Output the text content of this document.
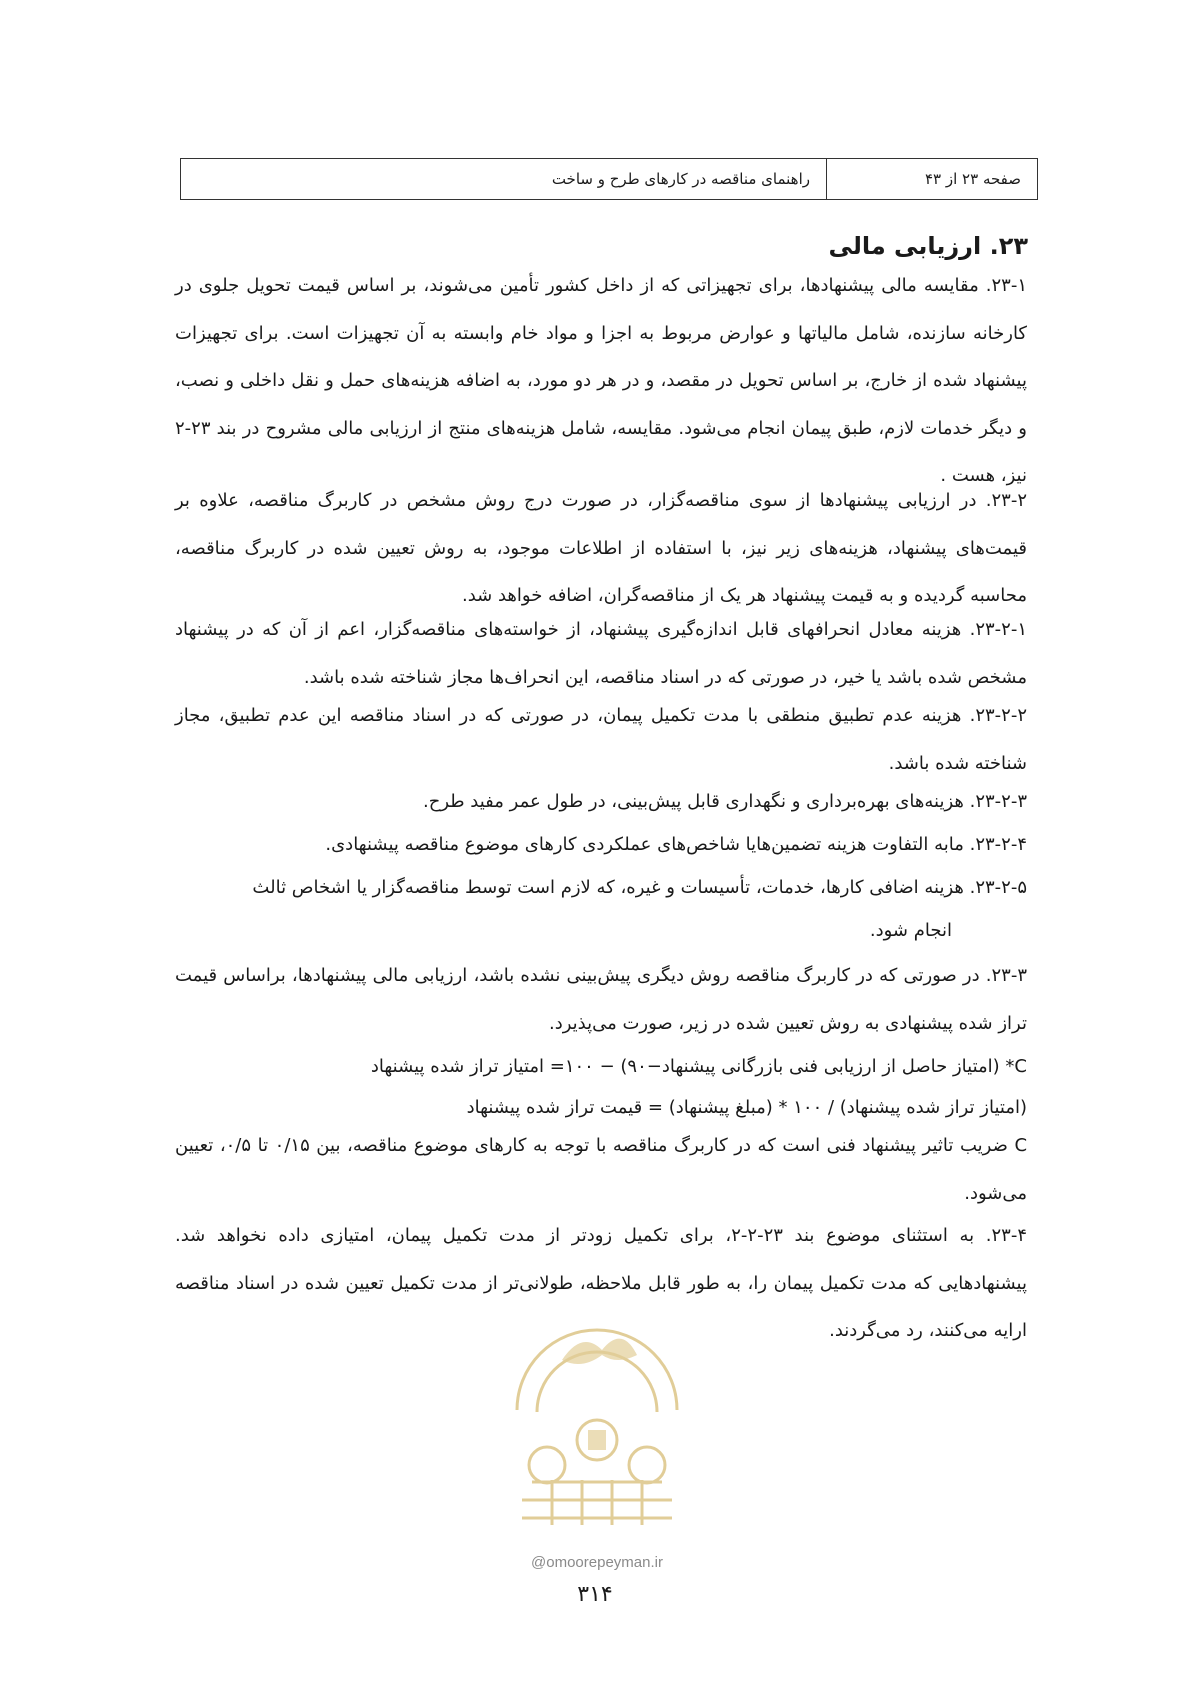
صفحه ۲۳ از ۴۳
راهنمای مناقصه در کارهای طرح و ساخت
۲۳. ارزیابی مالی

۲۳-۱. مقایسه مالی پیشنهادها، برای تجهیزاتی که از داخل کشور تأمین می‌شوند، بر اساس قیمت تحویل جلوی در کارخانه سازنده، شامل مالیاتها و عوارض مربوط به اجزا و مواد خام وابسته به آن تجهیزات است. برای تجهیزات پیشنهاد شده از خارج، بر اساس تحویل در مقصد، و در هر دو مورد، به اضافه هزینه‌های حمل و نقل داخلی و نصب، و دیگر خدمات لازم، طبق پیمان انجام می‌شود. مقایسه، شامل هزینه‌های منتج از ارزیابی مالی مشروح در بند ۲۳-۲ نیز، هست .

۲۳-۲. در ارزیابی پیشنهادها از سوی مناقصه‌گزار، در صورت درج روش مشخص در کاربرگ مناقصه، علاوه بر قیمت‌های پیشنهاد، هزینه‌های زیر نیز، با استفاده از اطلاعات موجود، به روش تعیین شده در کاربرگ مناقصه، محاسبه گردیده و به قیمت پیشنهاد هر یک از مناقصه‌گران، اضافه خواهد شد.

۲۳-۲-۱. هزینه معادل انحرافهای قابل اندازه‌گیری پیشنهاد، از خواسته‌های مناقصه‌گزار، اعم از آن که در پیشنهاد مشخص شده باشد یا خیر، در صورتی که در اسناد مناقصه، این انحراف‌ها مجاز شناخته شده باشد.

۲۳-۲-۲. هزینه عدم تطبیق منطقی با مدت تکمیل پیمان، در صورتی که در اسناد مناقصه این عدم تطبیق، مجاز شناخته شده باشد.

۲۳-۲-۳. هزینه‌های بهره‌برداری و نگهداری قابل پیش‌بینی، در طول عمر مفید طرح.

۲۳-۲-۴. مابه التفاوت هزینه تضمین‌هایا شاخص‌های عملکردی کارهای موضوع مناقصه پیشنهادی.

۲۳-۲-۵. هزینه اضافی کارها، خدمات، تأسیسات و غیره، که لازم است توسط مناقصه‌گزار یا اشخاص ثالث

انجام شود.

۲۳-۳. در صورتی که در کاربرگ مناقصه روش دیگری پیش‌بینی نشده باشد، ارزیابی مالی پیشنهادها، براساس قیمت تراز شده پیشنهادی به روش تعیین شده در زیر، صورت می‌پذیرد.

C* (امتیاز حاصل از ارزیابی فنی بازرگانی پیشنهاد−۹۰) − ۱۰۰= امتیاز تراز شده پیشنهاد

(امتیاز تراز شده پیشنهاد) / ۱۰۰ * (مبلغ پیشنهاد) = قیمت تراز شده پیشنهاد

C ضریب تاثیر پیشنهاد فنی است که در کاربرگ مناقصه با توجه به کارهای موضوع مناقصه، بین ۰/۱۵ تا ۰/۵، تعیین می‌شود.

۲۳-۴. به استثنای موضوع بند ۲۳-۲-۲، برای تکمیل زودتر از مدت تکمیل پیمان، امتیازی داده نخواهد شد. پیشنهادهایی که مدت تکمیل پیمان را، به طور قابل ملاحظه، طولانی‌تر از مدت تکمیل تعیین شده در اسناد مناقصه ارایه می‌کنند، رد می‌گردند.

@omoorepeyman.ir
۳۱۴
